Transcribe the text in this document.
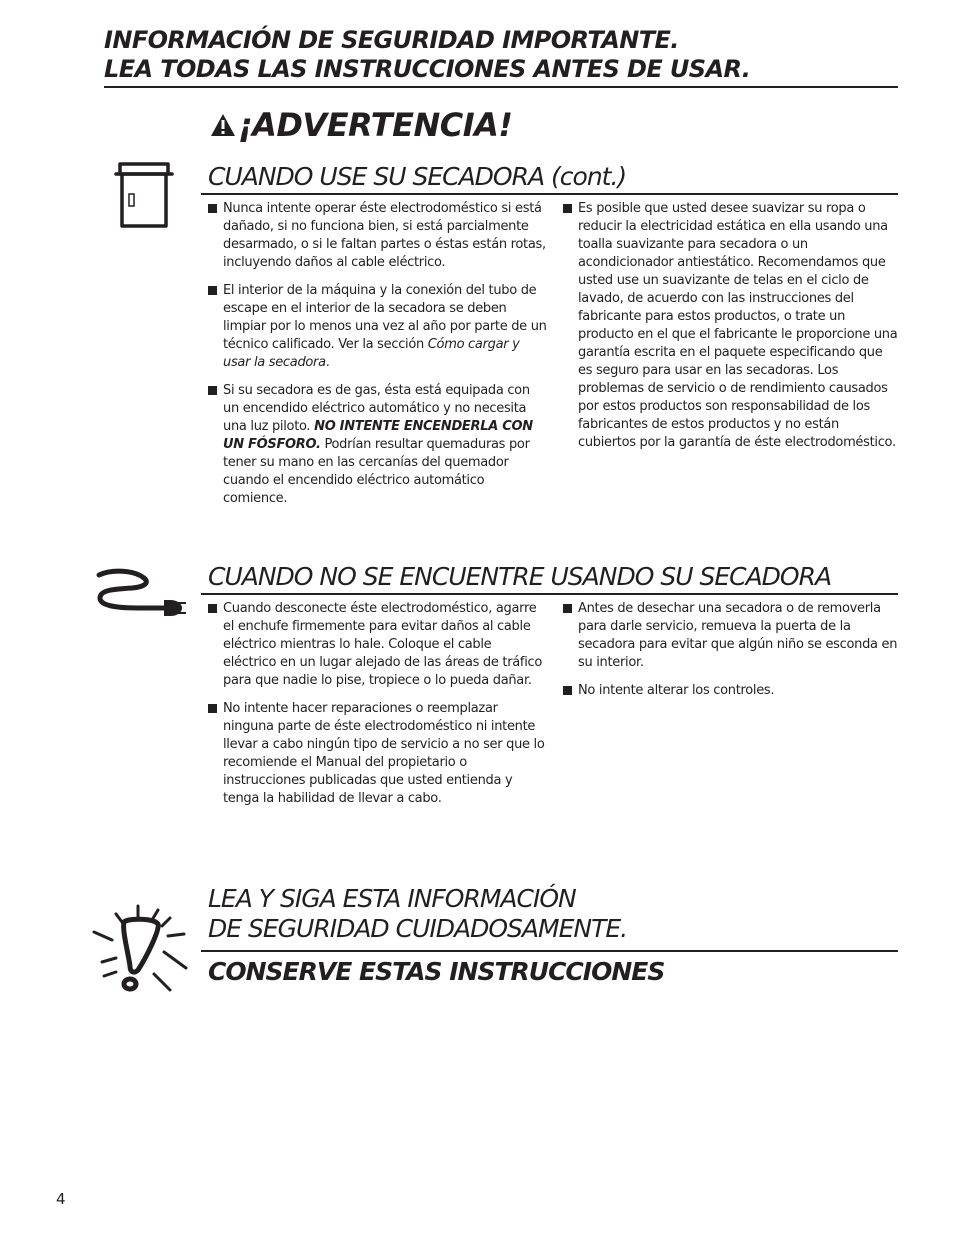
INFORMACIÓN DE SEGURIDAD IMPORTANTE.
LEA TODAS LAS INSTRUCCIONES ANTES DE USAR.
¡ADVERTENCIA!
CUANDO USE SU SECADORA (cont.)

Nunca intente operar éste electrodoméstico si está dañado, si no funciona bien, si está parcialmente desarmado, o si le faltan partes o éstas están rotas, incluyendo daños al cable eléctrico.

El interior de la máquina y la conexión del tubo de escape en el interior de la secadora se deben limpiar por lo menos una vez al año por parte de un técnico calificado. Ver la sección Cómo cargar y usar la secadora.

Si su secadora es de gas, ésta está equipada con un encendido eléctrico automático y no necesita una luz piloto. NO INTENTE ENCENDERLA CON UN FÓSFORO. Podrían resultar quemaduras por tener su mano en las cercanías del quemador cuando el encendido eléctrico automático comience.

Es posible que usted desee suavizar su ropa o reducir la electricidad estática en ella usando una toalla suavizante para secadora o un acondicionador antiestático. Recomendamos que usted use un suavizante de telas en el ciclo de lavado, de acuerdo con las instrucciones del fabricante para estos productos, o trate un producto en el que el fabricante le proporcione una garantía escrita en el paquete especificando que es seguro para usar en las secadoras. Los problemas de servicio o de rendimiento causados por estos productos son responsabilidad de los fabricantes de estos productos y no están cubiertos por la garantía de éste electrodoméstico.

CUANDO NO SE ENCUENTRE USANDO SU SECADORA

Cuando desconecte éste electrodoméstico, agarre el enchufe firmemente para evitar daños al cable eléctrico mientras lo hale. Coloque el cable eléctrico en un lugar alejado de las áreas de tráfico para que nadie lo pise, tropiece o lo pueda dañar.

No intente hacer reparaciones o reemplazar ninguna parte de éste electrodoméstico ni intente llevar a cabo ningún tipo de servicio a no ser que lo recomiende el Manual del propietario o instrucciones publicadas que usted entienda y tenga la habilidad de llevar a cabo.

Antes de desechar una secadora o de removerla para darle servicio, remueva la puerta de la secadora para evitar que algún niño se esconda en su interior.

No intente alterar los controles.

LEA Y SIGA ESTA INFORMACIÓN
DE SEGURIDAD CUIDADOSAMENTE.
CONSERVE ESTAS INSTRUCCIONES
4
